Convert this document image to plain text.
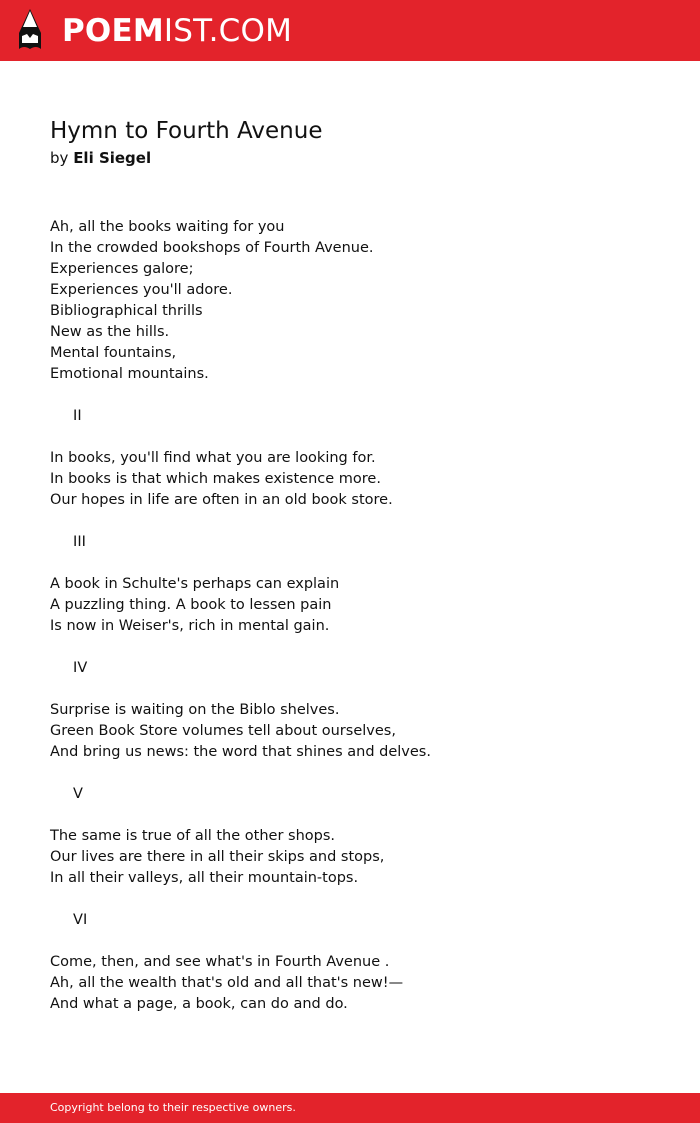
POEMIST.COM
Hymn to Fourth Avenue
by Eli Siegel
Ah, all the books waiting for you
In the crowded bookshops of Fourth Avenue.
Experiences galore;
Experiences you'll adore.
Bibliographical thrills
New as the hills.
Mental fountains,
Emotional mountains.
II
In books, you'll find what you are looking for.
In books is that which makes existence more.
Our hopes in life are often in an old book store.
III
A book in Schulte's perhaps can explain
A puzzling thing. A book to lessen pain
Is now in Weiser's, rich in mental gain.
IV
Surprise is waiting on the Biblo shelves.
Green Book Store volumes tell about ourselves,
And bring us news: the word that shines and delves.
V
The same is true of all the other shops.
Our lives are there in all their skips and stops,
In all their valleys, all their mountain-tops.
VI
Come, then, and see what's in Fourth Avenue .
Ah, all the wealth that's old and all that's new!—
And what a page, a book, can do and do.
Copyright belong to their respective owners.
